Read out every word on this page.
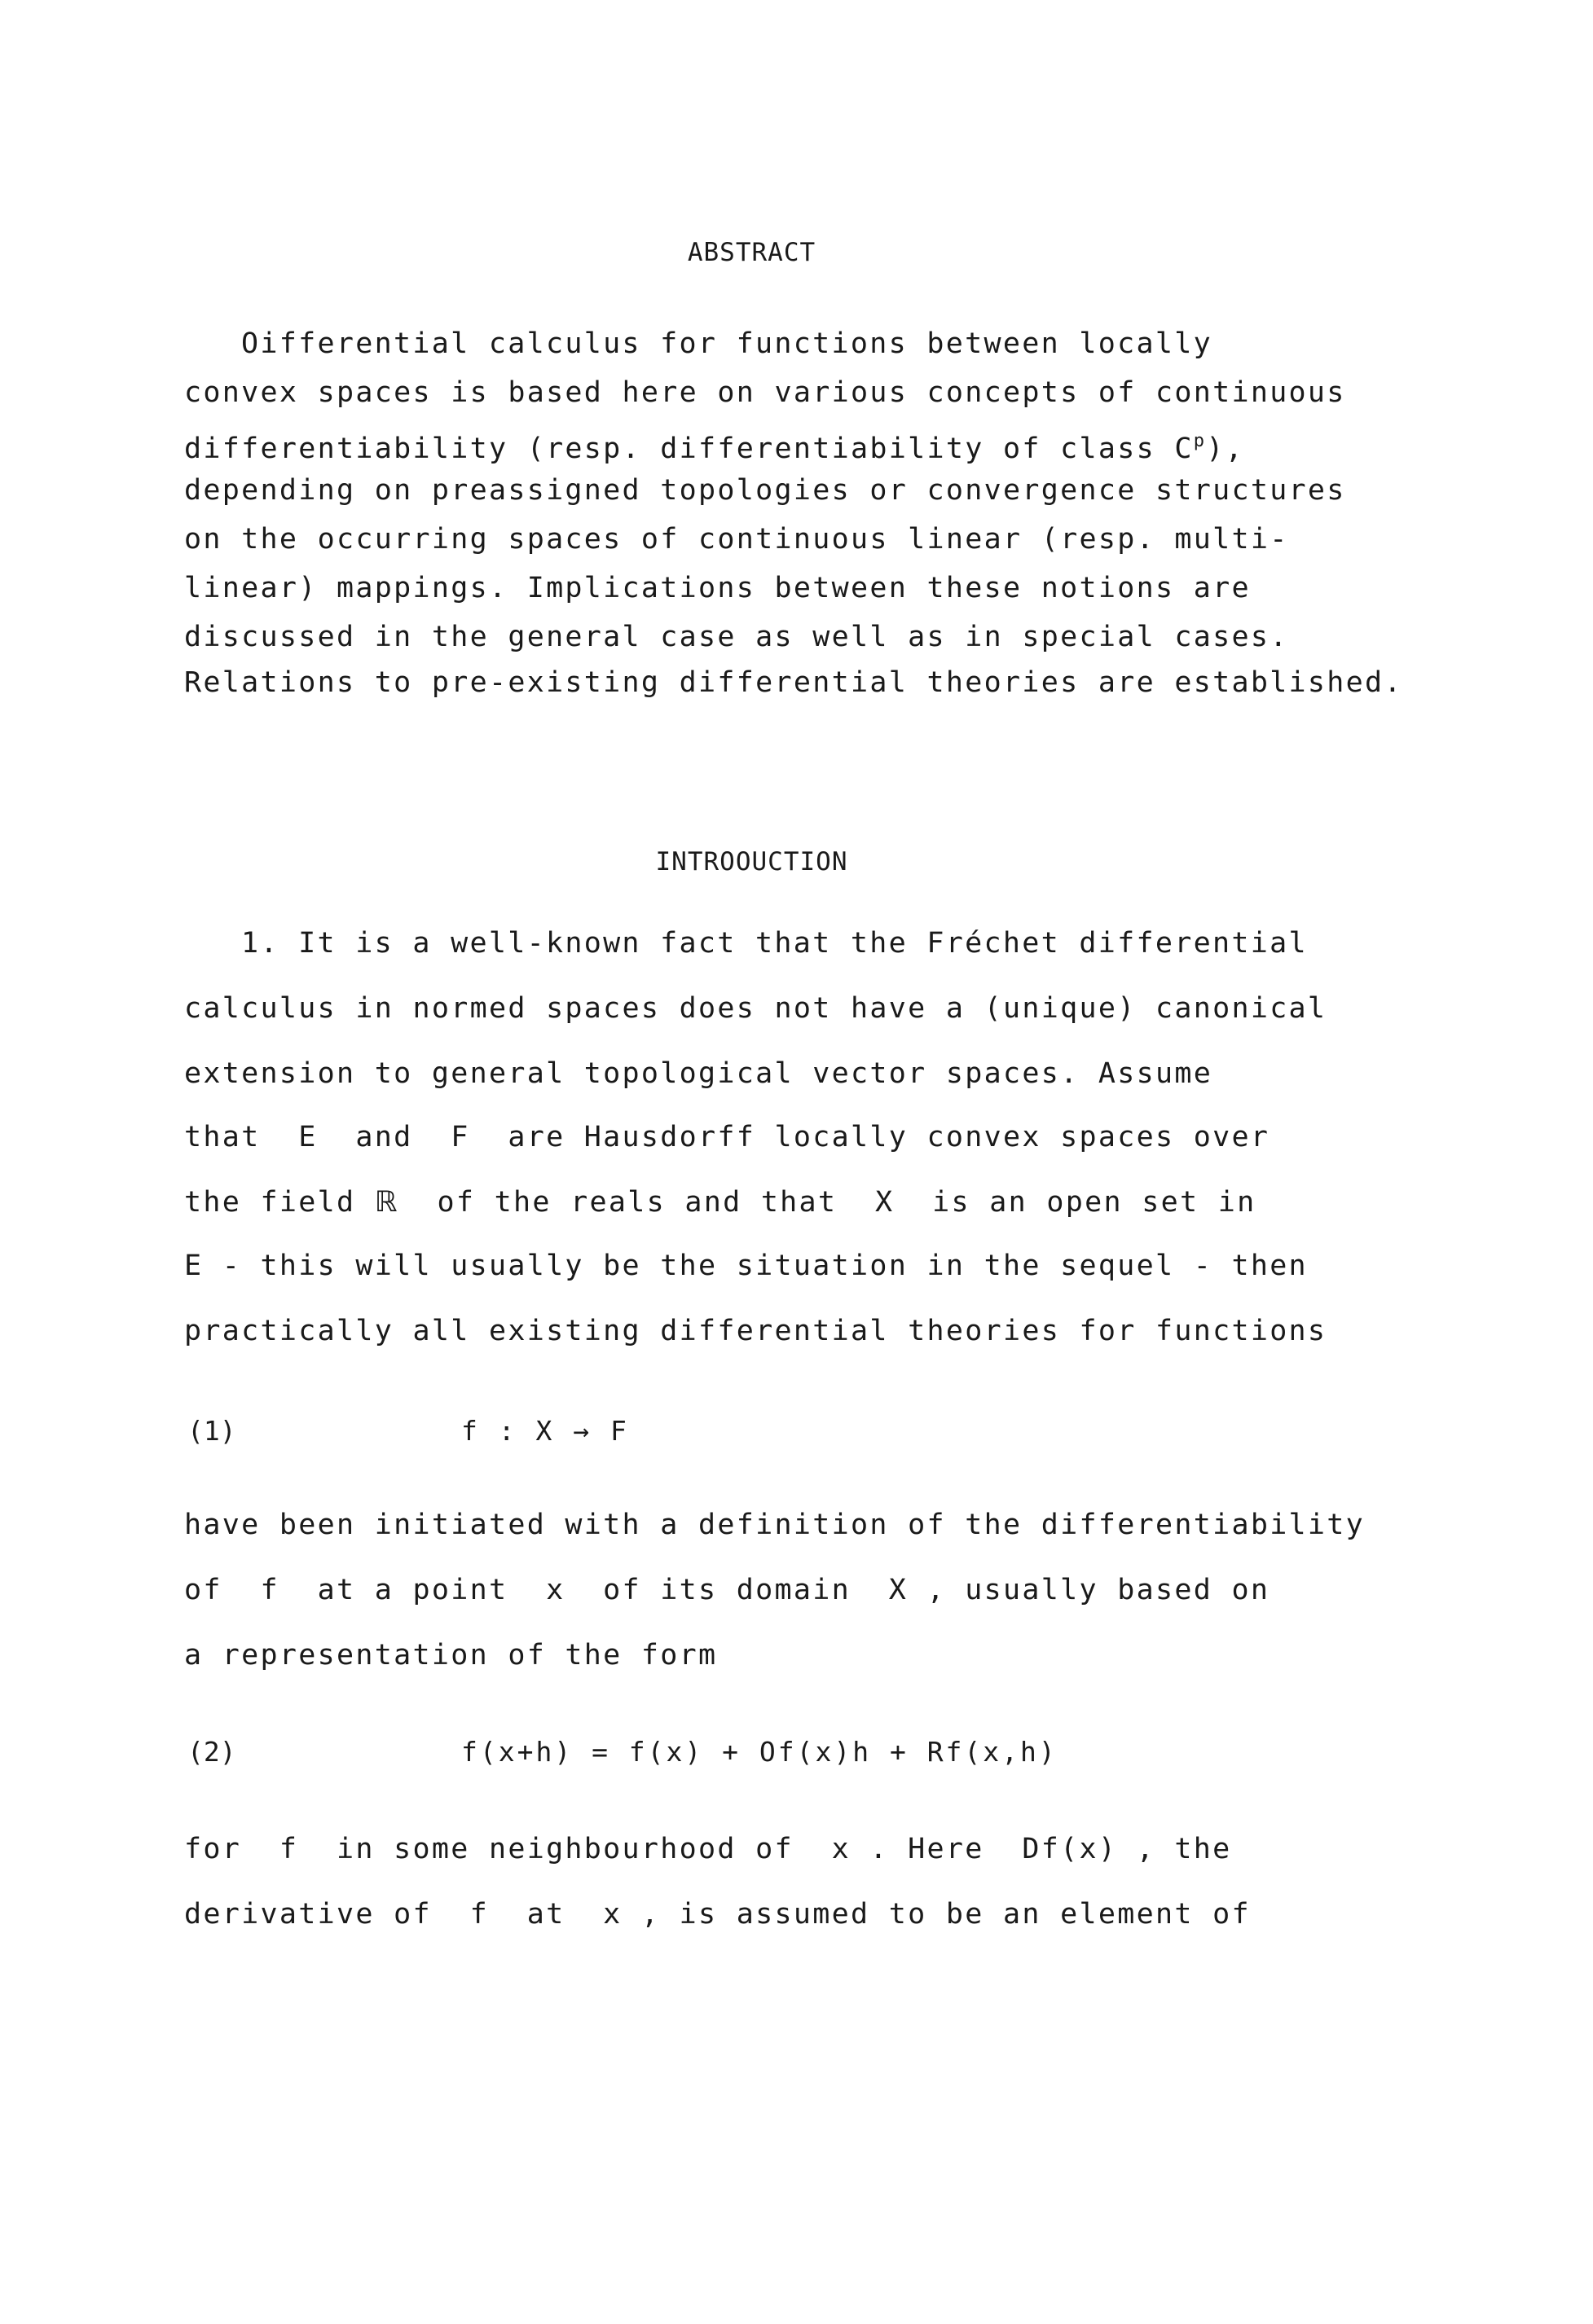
ABSTRACT
Oifferential calculus for functions between locally
convex spaces is based here on various concepts of continuous
differentiability (resp. differentiability of class $C^p$),
depending on preassigned topologies or convergence structures
on the occurring spaces of continuous linear (resp. multi-
linear) mappings. Implications between these notions are
discussed in the general case as well as in special cases.
Relations to pre-existing differential theories are established.
INTROOUCTION
1. It is a well-known fact that the Fréchet differential
calculus in normed spaces does not have a (unique) canonical
extension to general topological vector spaces. Assume
that  E  and  F  are Hausdorff locally convex spaces over
the field ℝ  of the reals and that  X  is an open set in
E - this will usually be the situation in the sequel - then
practically all existing differential theories for functions
(1)	f : X → F
have been initiated with a definition of the differentiability
of  f  at a point  x  of its domain  X , usually based on
a representation of the form
(2)	f(x+h) = f(x) + Of(x)h + Rf(x,h)
for  f  in some neighbourhood of  x . Here  Df(x) , the
derivative of  f  at  x , is assumed to be an element of
